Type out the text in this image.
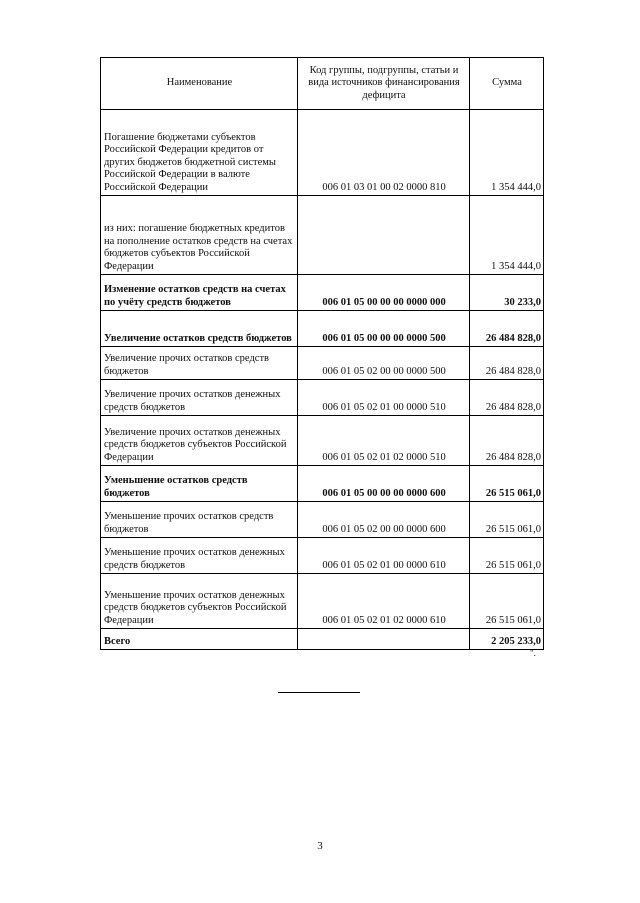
Наименование	Код группы, подгруппы, статьи и вида источников финансирования дефицита	Сумма
Погашение бюджетами субъектов Российской Федерации кредитов от других бюджетов бюджетной системы Российской Федерации в валюте Российской Федерации	006 01 03 01 00 02 0000 810	1 354 444,0
из них: погашение бюджетных кредитов на пополнение остатков средств на счетах бюджетов субъектов Российской Федерации		1 354 444,0
Изменение остатков средств на счетах по учёту средств бюджетов	006 01 05 00 00 00 0000 000	30 233,0
Увеличение остатков средств бюджетов	006 01 05 00 00 00 0000 500	26 484 828,0
Увеличение прочих остатков средств бюджетов	006 01 05 02 00 00 0000 500	26 484 828,0
Увеличение прочих остатков денежных средств бюджетов	006 01 05 02 01 00 0000 510	26 484 828,0
Увеличение прочих остатков денежных средств бюджетов субъектов Российской Федерации	006 01 05 02 01 02 0000 510	26 484 828,0
Уменьшение остатков средств бюджетов	006 01 05 00 00 00 0000 600	26 515 061,0
Уменьшение прочих остатков средств бюджетов	006 01 05 02 00 00 0000 600	26 515 061,0
Уменьшение прочих остатков денежных средств бюджетов	006 01 05 02 01 00 0000 610	26 515 061,0
Уменьшение прочих остатков денежных средств бюджетов субъектов Российской Федерации	006 01 05 02 01 02 0000 610	26 515 061,0
Всего		2 205 233,0
".
3
